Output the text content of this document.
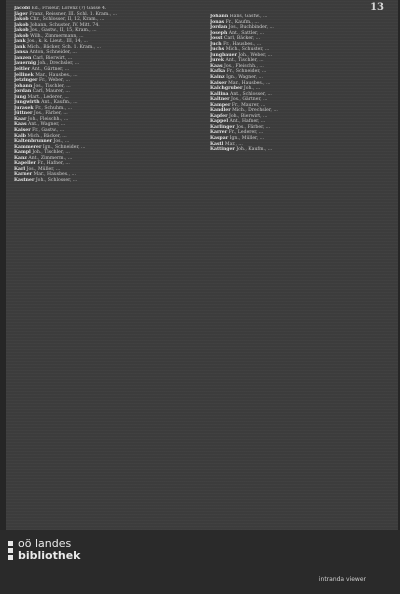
13

Jacobi Ed., Friseur, Lorenz (?) Gasse 4.

Jäger Franz, Reissner, III. Schl. 1. Kram., ...

Jakob Chr., Schlosser, II, 12, Kram., ...

Jakob Johann, Schuster, IV. Mitt. 74.

Jakob Jos., Gastw., II, 15, Kram., ...

Jakob Wilh., Zimmermann, ...

Jank Jos., k. k. Lieut., III, 14, ...

Jank Mich., Bäcker, Sch. 1. Kram., ...

Jansa Anton, Schneider, ...

Janzen Carl, Bierwirt, ...

Jauernig Joh., Drechsler, ...

Jeitler Ant., Gärtner, ...

Jellinek Mar., Hausbes., ...

Jetzinger Fr., Weber, ...

Johann Jos., Tischler, ...

Jordan Carl, Maurer, ...

Jung Mart., Lederer, ...

Jungwirth Ant., Kaufm., ...

Jurasek Fr., Schuhm., ...

Jüttner Jos., Färber, ...

Kaar Joh., Fleischh., ...

Kaas Ant., Wagner, ...

Kaiser Fr., Gastw., ...

Kalb Mich., Bäcker, ...

Kaltenbrunner Jos., ...

Kammerer Ign., Schneider, ...

Kampl Joh., Tischler, ...

Kanz Ant., Zimmerm., ...

Kapeller Fr., Hafner, ...

Karl Jos., Müller, ...

Karner Mar., Hausbes., ...

Kastner Joh., Schlosser, ...

Johann Hans, Gastw., ...

Jonas Fr., Kaufm., ...

Jordan Jos., Buchbinder, ...

Joseph Ant., Sattler, ...

Josst Carl, Bäcker, ...

Juch Fr., Hausbes., ...

Juchs Mich., Schuster, ...

Jungbauer Joh., Weber, ...

Jurek Ant., Tischler, ...

Kaas Jos., Fleischh., ...

Kafka Fr., Schneider, ...

Kainz Ign., Wagner, ...

Kaiser Mar., Hausbes., ...

Kalchgruber Joh., ...

Kallina Ant., Schlosser, ...

Kaltner Jos., Gärtner, ...

Kamper Fr., Maurer, ...

Kandler Mich., Drechsler, ...

Kapfer Joh., Bierwirt, ...

Kappel Ant., Hafner, ...

Karlinger Jos., Färber, ...

Karrer Fr., Lederer, ...

Kaspar Ign., Müller, ...

Kastl Mar., ...

Kattinger Joh., Kaufm., ...

oö landes
bibliothek
intranda viewer
